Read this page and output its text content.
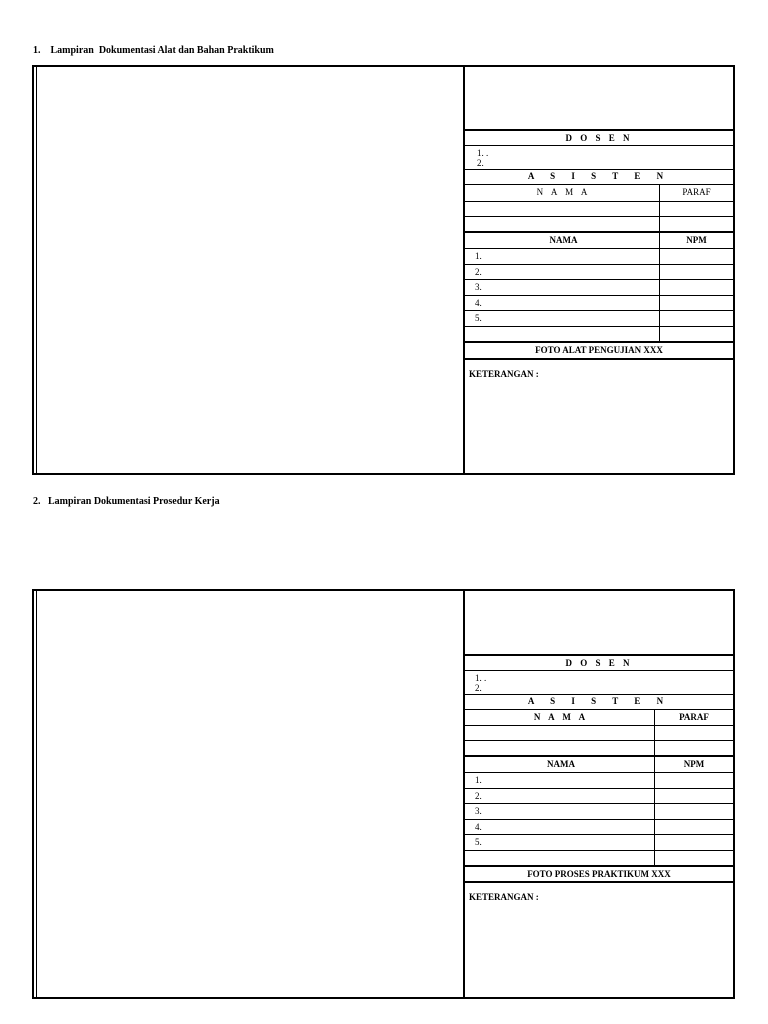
1.    Lampiran  Dokumentasi Alat dan Bahan Praktikum
D O S E N
1. .
2.
A S I S T E N
N A M A	PARAF
NAMA	NPM
1.
2.
3.
4.
5.
FOTO ALAT PENGUJIAN XXX
KETERANGAN :
2.   Lampiran Dokumentasi Prosedur Kerja
D O S E N
1. .
2.
A S I S T E N
N A M A	PARAF
NAMA	NPM
1.
2.
3.
4.
5.
FOTO PROSES PRAKTIKUM XXX
KETERANGAN :
